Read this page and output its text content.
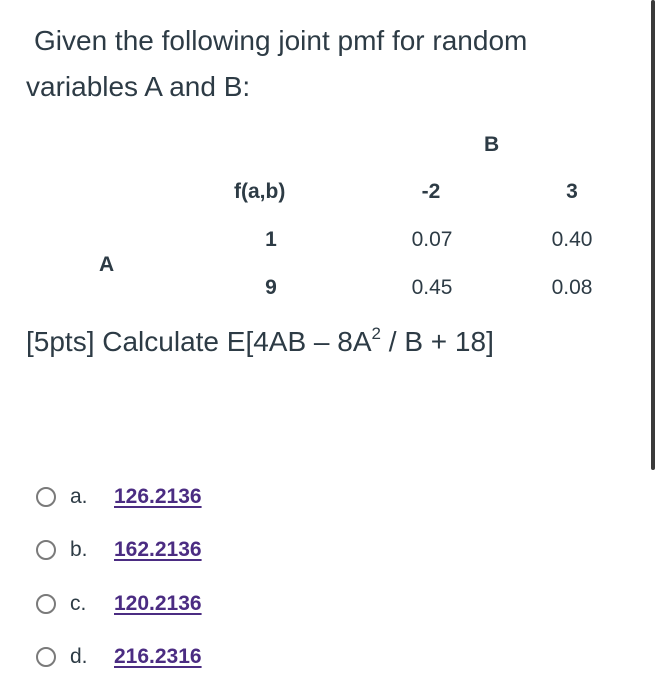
Given the following joint pmf for random
variables A and B:
B
f(a,b)	-2	3
A
1	0.07	0.40
9	0.45	0.08
[5pts] Calculate $E[4AB - 8A^2 / B + 18]$
a.	126.2136
b.	162.2136
c.	120.2136
d.	216.2316
